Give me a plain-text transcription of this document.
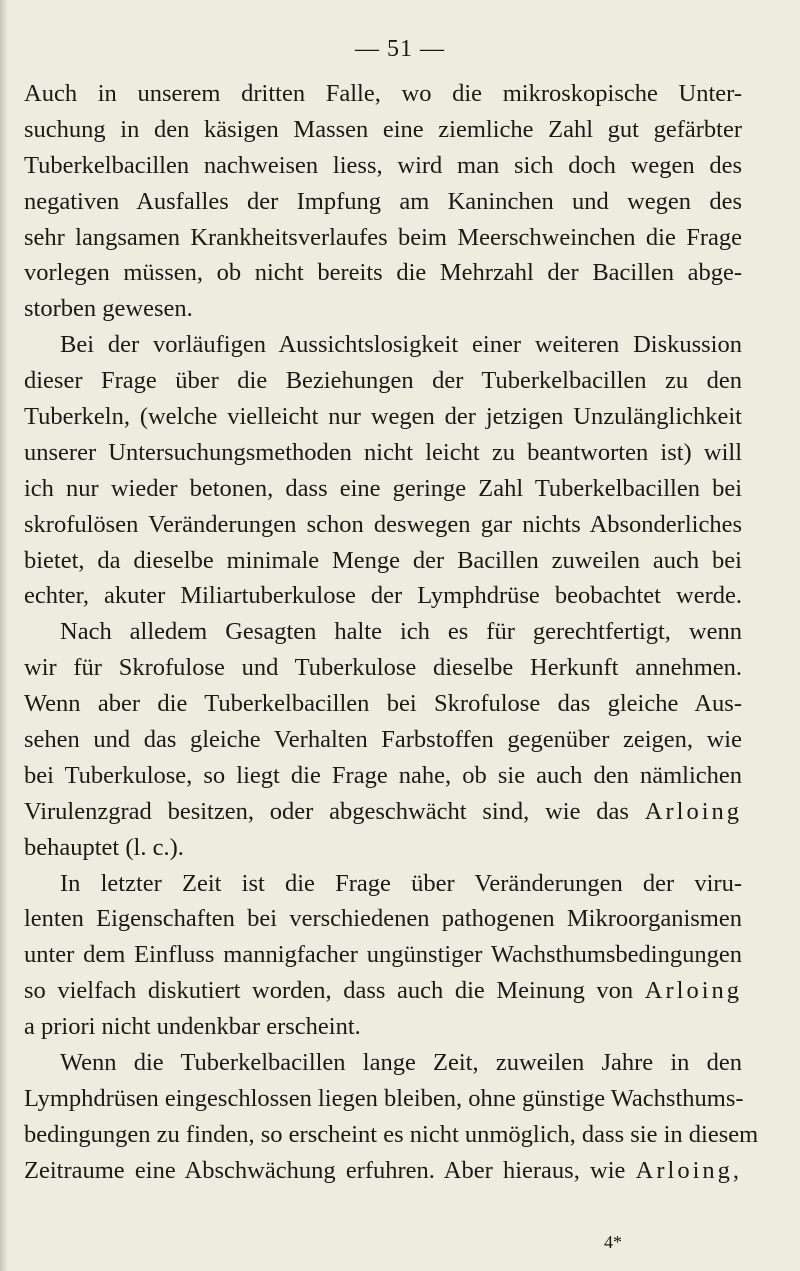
— 51 —
Auch in unserem dritten Falle, wo die mikroskopische Unter-
suchung in den käsigen Massen eine ziemliche Zahl gut gefärbter
Tuberkelbacillen nachweisen liess, wird man sich doch wegen des
negativen Ausfalles der Impfung am Kaninchen und wegen des
sehr langsamen Krankheitsverlaufes beim Meerschweinchen die Frage
vorlegen müssen, ob nicht bereits die Mehrzahl der Bacillen abge-
storben gewesen.
Bei der vorläufigen Aussichtslosigkeit einer weiteren Diskussion
dieser Frage über die Beziehungen der Tuberkelbacillen zu den
Tuberkeln, (welche vielleicht nur wegen der jetzigen Unzulänglichkeit
unserer Untersuchungsmethoden nicht leicht zu beantworten ist) will
ich nur wieder betonen, dass eine geringe Zahl Tuberkelbacillen bei
skrofulösen Veränderungen schon deswegen gar nichts Absonderliches
bietet, da dieselbe minimale Menge der Bacillen zuweilen auch bei
echter, akuter Miliartuberkulose der Lymphdrüse beobachtet werde.
Nach alledem Gesagten halte ich es für gerechtfertigt, wenn
wir für Skrofulose und Tuberkulose dieselbe Herkunft annehmen.
Wenn aber die Tuberkelbacillen bei Skrofulose das gleiche Aus-
sehen und das gleiche Verhalten Farbstoffen gegenüber zeigen, wie
bei Tuberkulose, so liegt die Frage nahe, ob sie auch den nämlichen
Virulenzgrad besitzen, oder abgeschwächt sind, wie das Arloing
behauptet (l. c.).
In letzter Zeit ist die Frage über Veränderungen der viru-
lenten Eigenschaften bei verschiedenen pathogenen Mikroorganismen
unter dem Einfluss mannigfacher ungünstiger Wachsthumsbedingungen
so vielfach diskutiert worden, dass auch die Meinung von Arloing
a priori nicht undenkbar erscheint.
Wenn die Tuberkelbacillen lange Zeit, zuweilen Jahre in den
Lymphdrüsen eingeschlossen liegen bleiben, ohne günstige Wachsthums-
bedingungen zu finden, so erscheint es nicht unmöglich, dass sie in diesem
Zeitraume eine Abschwächung erfuhren. Aber hieraus, wie Arloing,
4*
